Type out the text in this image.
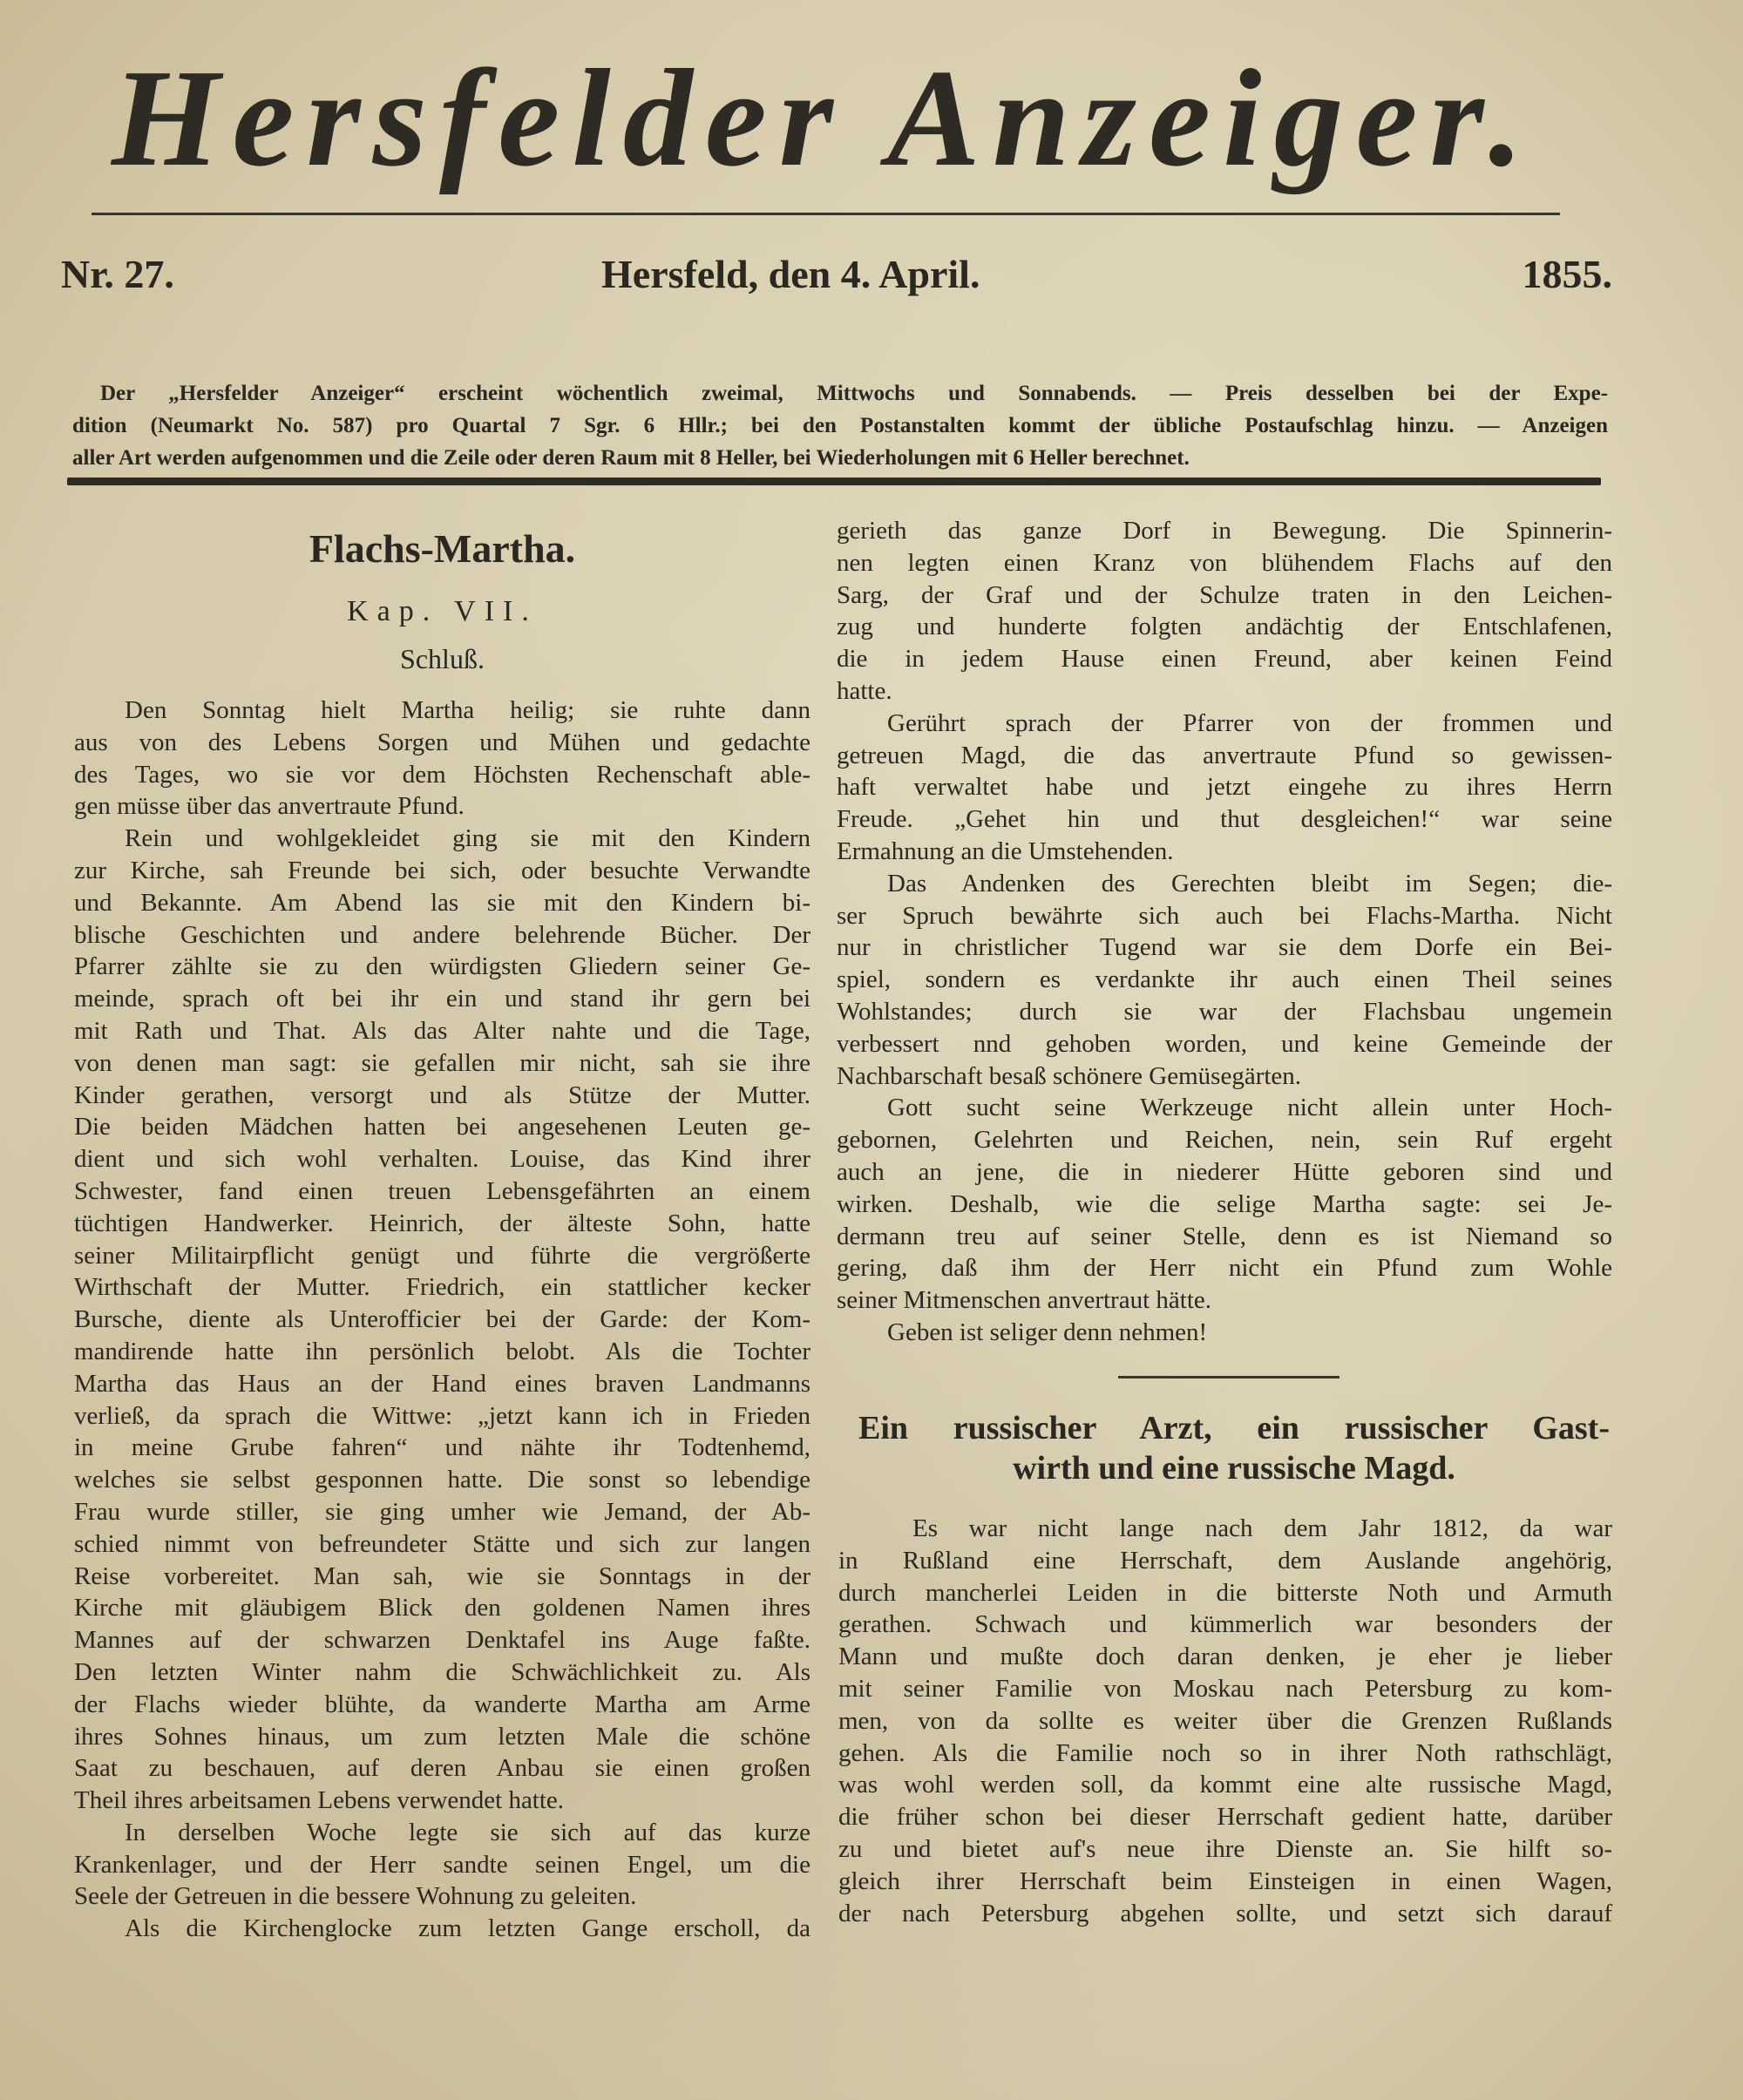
Hersfelder Anzeiger.
Nr. 27.	Hersfeld, den 4. April.	1855.
Der „Hersfelder Anzeiger“ erscheint wöchentlich zweimal, Mittwochs und Sonnabends. — Preis desselben bei der Expe-
dition (Neumarkt No. 587) pro Quartal 7 Sgr. 6 Hllr.; bei den Postanstalten kommt der übliche Postaufschlag hinzu. — Anzeigen
aller Art werden aufgenommen und die Zeile oder deren Raum mit 8 Heller, bei Wiederholungen mit 6 Heller berechnet.
Flachs-Martha.
Kap. VII.
Schluß.
Den Sonntag hielt Martha heilig; sie ruhte dann
aus von des Lebens Sorgen und Mühen und gedachte
des Tages, wo sie vor dem Höchsten Rechenschaft able-
gen müsse über das anvertraute Pfund.
Rein und wohlgekleidet ging sie mit den Kindern
zur Kirche, sah Freunde bei sich, oder besuchte Verwandte
und Bekannte. Am Abend las sie mit den Kindern bi-
blische Geschichten und andere belehrende Bücher. Der
Pfarrer zählte sie zu den würdigsten Gliedern seiner Ge-
meinde, sprach oft bei ihr ein und stand ihr gern bei
mit Rath und That. Als das Alter nahte und die Tage,
von denen man sagt: sie gefallen mir nicht, sah sie ihre
Kinder gerathen, versorgt und als Stütze der Mutter.
Die beiden Mädchen hatten bei angesehenen Leuten ge-
dient und sich wohl verhalten. Louise, das Kind ihrer
Schwester, fand einen treuen Lebensgefährten an einem
tüchtigen Handwerker. Heinrich, der älteste Sohn, hatte
seiner Militairpflicht genügt und führte die vergrößerte
Wirthschaft der Mutter. Friedrich, ein stattlicher kecker
Bursche, diente als Unterofficier bei der Garde: der Kom-
mandirende hatte ihn persönlich belobt. Als die Tochter
Martha das Haus an der Hand eines braven Landmanns
verließ, da sprach die Wittwe: „jetzt kann ich in Frieden
in meine Grube fahren“ und nähte ihr Todtenhemd,
welches sie selbst gesponnen hatte. Die sonst so lebendige
Frau wurde stiller, sie ging umher wie Jemand, der Ab-
schied nimmt von befreundeter Stätte und sich zur langen
Reise vorbereitet. Man sah, wie sie Sonntags in der
Kirche mit gläubigem Blick den goldenen Namen ihres
Mannes auf der schwarzen Denktafel ins Auge faßte.
Den letzten Winter nahm die Schwächlichkeit zu. Als
der Flachs wieder blühte, da wanderte Martha am Arme
ihres Sohnes hinaus, um zum letzten Male die schöne
Saat zu beschauen, auf deren Anbau sie einen großen
Theil ihres arbeitsamen Lebens verwendet hatte.
In derselben Woche legte sie sich auf das kurze
Krankenlager, und der Herr sandte seinen Engel, um die
Seele der Getreuen in die bessere Wohnung zu geleiten.
Als die Kirchenglocke zum letzten Gange erscholl, da
gerieth das ganze Dorf in Bewegung. Die Spinnerin-
nen legten einen Kranz von blühendem Flachs auf den
Sarg, der Graf und der Schulze traten in den Leichen-
zug und hunderte folgten andächtig der Entschlafenen,
die in jedem Hause einen Freund, aber keinen Feind
hatte.
Gerührt sprach der Pfarrer von der frommen und
getreuen Magd, die das anvertraute Pfund so gewissen-
haft verwaltet habe und jetzt eingehe zu ihres Herrn
Freude. „Gehet hin und thut desgleichen!“ war seine
Ermahnung an die Umstehenden.
Das Andenken des Gerechten bleibt im Segen; die-
ser Spruch bewährte sich auch bei Flachs-Martha. Nicht
nur in christlicher Tugend war sie dem Dorfe ein Bei-
spiel, sondern es verdankte ihr auch einen Theil seines
Wohlstandes; durch sie war der Flachsbau ungemein
verbessert nnd gehoben worden, und keine Gemeinde der
Nachbarschaft besaß schönere Gemüsegärten.
Gott sucht seine Werkzeuge nicht allein unter Hoch-
gebornen, Gelehrten und Reichen, nein, sein Ruf ergeht
auch an jene, die in niederer Hütte geboren sind und
wirken. Deshalb, wie die selige Martha sagte: sei Je-
dermann treu auf seiner Stelle, denn es ist Niemand so
gering, daß ihm der Herr nicht ein Pfund zum Wohle
seiner Mitmenschen anvertraut hätte.
Geben ist seliger denn nehmen!
Ein russischer Arzt, ein russischer Gast-
wirth und eine russische Magd.
Es war nicht lange nach dem Jahr 1812, da war
in Rußland eine Herrschaft, dem Auslande angehörig,
durch mancherlei Leiden in die bitterste Noth und Armuth
gerathen. Schwach und kümmerlich war besonders der
Mann und mußte doch daran denken, je eher je lieber
mit seiner Familie von Moskau nach Petersburg zu kom-
men, von da sollte es weiter über die Grenzen Rußlands
gehen. Als die Familie noch so in ihrer Noth rathschlägt,
was wohl werden soll, da kommt eine alte russische Magd,
die früher schon bei dieser Herrschaft gedient hatte, darüber
zu und bietet auf's neue ihre Dienste an. Sie hilft so-
gleich ihrer Herrschaft beim Einsteigen in einen Wagen,
der nach Petersburg abgehen sollte, und setzt sich darauf
